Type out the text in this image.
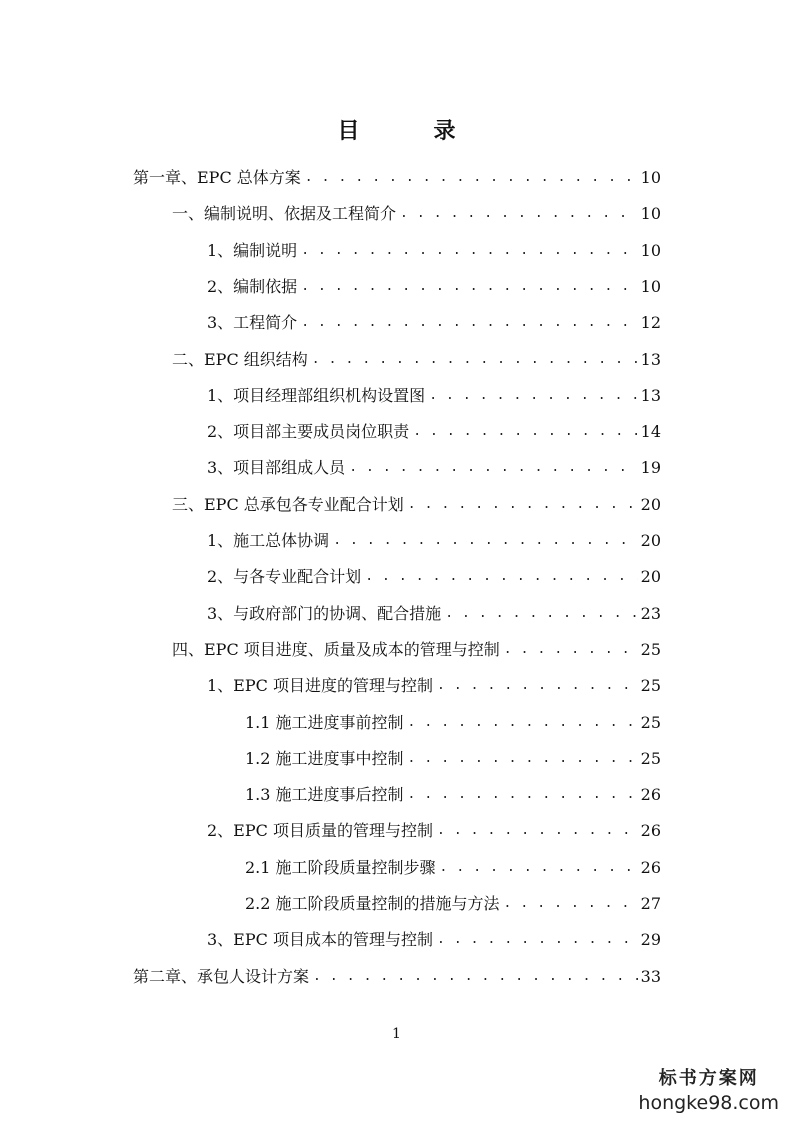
目　录
第一章、EPC 总体方案 . . .	10
一、编制说明、依据及工程简介 . . .	10
1、编制说明 . . .	10
2、编制依据 . . .	10
3、工程简介 . . .	12
二、EPC 组织结构 . . .	13
1、项目经理部组织机构设置图 . . .	13
2、项目部主要成员岗位职责 . . .	14
3、项目部组成人员 . . .	19
三、EPC 总承包各专业配合计划 . . .	20
1、施工总体协调 . . .	20
2、与各专业配合计划 . . .	20
3、与政府部门的协调、配合措施 . . .	23
四、EPC 项目进度、质量及成本的管理与控制 . . .	25
1、EPC 项目进度的管理与控制 . . .	25
1.1 施工进度事前控制 . . .	25
1.2 施工进度事中控制 . . .	25
1.3 施工进度事后控制 . . .	26
2、EPC 项目质量的管理与控制 . . .	26
2.1 施工阶段质量控制步骤 . . .	26
2.2 施工阶段质量控制的措施与方法 . . .	27
3、EPC 项目成本的管理与控制 . . .	29
第二章、承包人设计方案 . . .	33
1
标书方案网
hongke98.com
